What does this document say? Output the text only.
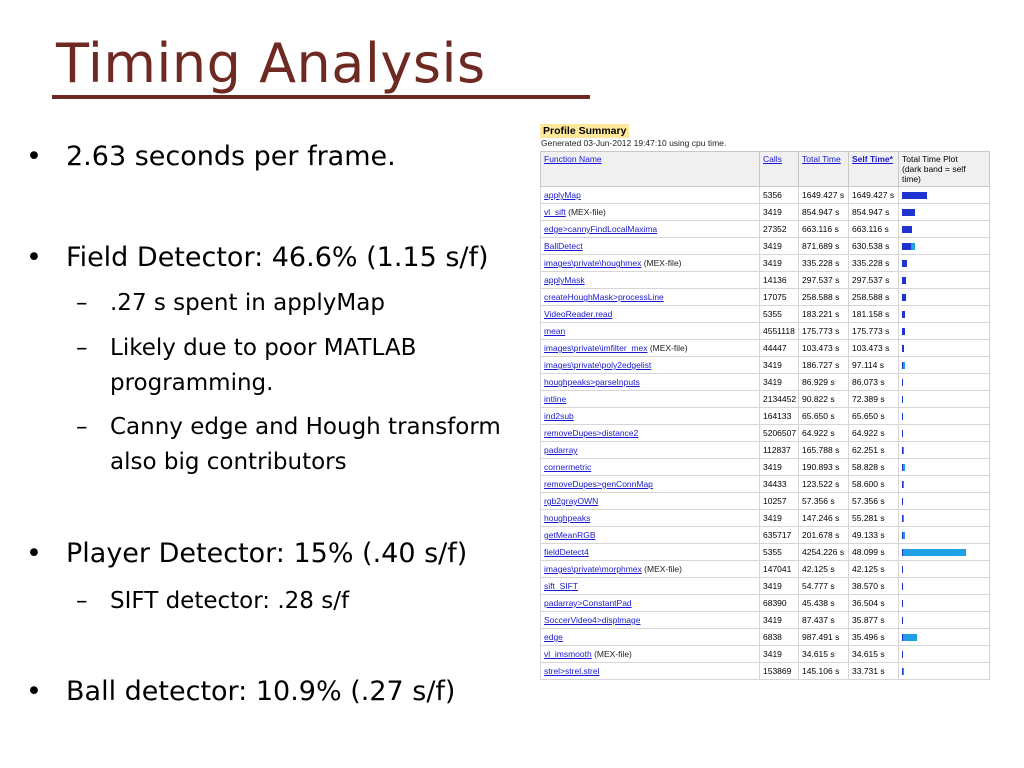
Timing Analysis
• 2.63 seconds per frame.
• Field Detector: 46.6% (1.15 s/f)
– .27 s spent in applyMap
– Likely due to poor MATLAB programming.
– Canny edge and Hough transform also big contributors
• Player Detector: 15% (.40 s/f)
– SIFT detector: .28 s/f
• Ball detector: 10.9% (.27 s/f)
Profile Summary
Generated 03-Jun-2012 19:47:10 using cpu time.
Function Name	Calls	Total Time	Self Time*	Total Time Plot
(dark band = self time)
applyMap	5356	1649.427 s	1649.427 s	

vl_sift (MEX-file)	3419	854.947 s	854.947 s	

edge>cannyFindLocalMaxima	27352	663.116 s	663.116 s	

BallDetect	3419	871.689 s	630.538 s	

images\private\houghmex (MEX-file)	3419	335.228 s	335.228 s	

applyMask	14136	297.537 s	297.537 s	

createHoughMask>processLine	17075	258.588 s	258.588 s	

VideoReader.read	5355	183.221 s	181.158 s	

mean	4551118	175.773 s	175.773 s	

images\private\imfilter_mex (MEX-file)	44447	103.473 s	103.473 s	

images\private\poly2edgelist	3419	186.727 s	97.114 s	

houghpeaks>parseInputs	3419	86.929 s	86.073 s	

intline	2134452	90.822 s	72.389 s	

ind2sub	164133	65.650 s	65.650 s	

removeDupes>distance2	5206507	64.922 s	64.922 s	

padarray	112837	165.788 s	62.251 s	

cornermetric	3419	190.893 s	58.828 s	

removeDupes>genConnMap	34433	123.522 s	58.600 s	

rgb2grayOWN	10257	57.356 s	57.356 s	

houghpeaks	3419	147.246 s	55.281 s	

getMeanRGB	635717	201.678 s	49.133 s	

fieldDetect4	5355	4254.226 s	48.099 s	

images\private\morphmex (MEX-file)	147041	42.125 s	42.125 s	

sift_SIFT	3419	54.777 s	38.570 s	

padarray>ConstantPad	68390	45.438 s	36.504 s	

SoccerVideo4>displmage	3419	87.437 s	35.877 s	

edge	6838	987.491 s	35.496 s	

vl_imsmooth (MEX-file)	3419	34.615 s	34.615 s	

strel>strel.strel	153869	145.106 s	33.731 s	
